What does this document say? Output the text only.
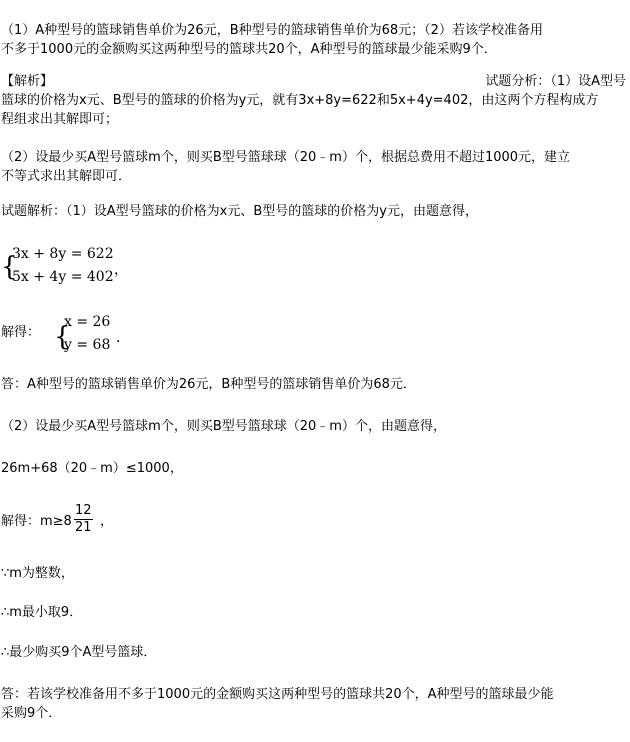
（1）A种型号的篮球销售单价为26元，B种型号的篮球销售单价为68元；（2）若该学校准备用
不多于1000元的金额购买这两种型号的篮球共20个，A种型号的篮球最少能采购9个．
【解析】	试题分析：（1）设A型号
篮球的价格为x元、B型号的篮球的价格为y元，就有3x+8y=622和5x+4y=402，由这两个方程构成方
程组求出其解即可；
（2）设最少买A型号篮球m个，则买B型号篮球球（20﹣m）个，根据总费用不超过1000元，建立
不等式求出其解即可．
试题解析：（1）设A型号篮球的价格为x元、B型号的篮球的价格为y元，由题意得，
{
3x + 8y = 622
5x + 4y = 402 ，
解得： {
x = 26
y = 68 ．
答：A种型号的篮球销售单价为26元，B种型号的篮球销售单价为68元．
（2）设最少买A型号篮球m个，则买B型号篮球球（20﹣m）个，由题意得，
26m+68（20﹣m）≤1000，
解得：$m\ge 8 \frac{12}{21}$ ，
∵m为整数，
∴m最小取9．
∴最少购买9个A型号篮球．
答：若该学校准备用不多于1000元的金额购买这两种型号的篮球共20个，A种型号的篮球最少能
采购9个．
